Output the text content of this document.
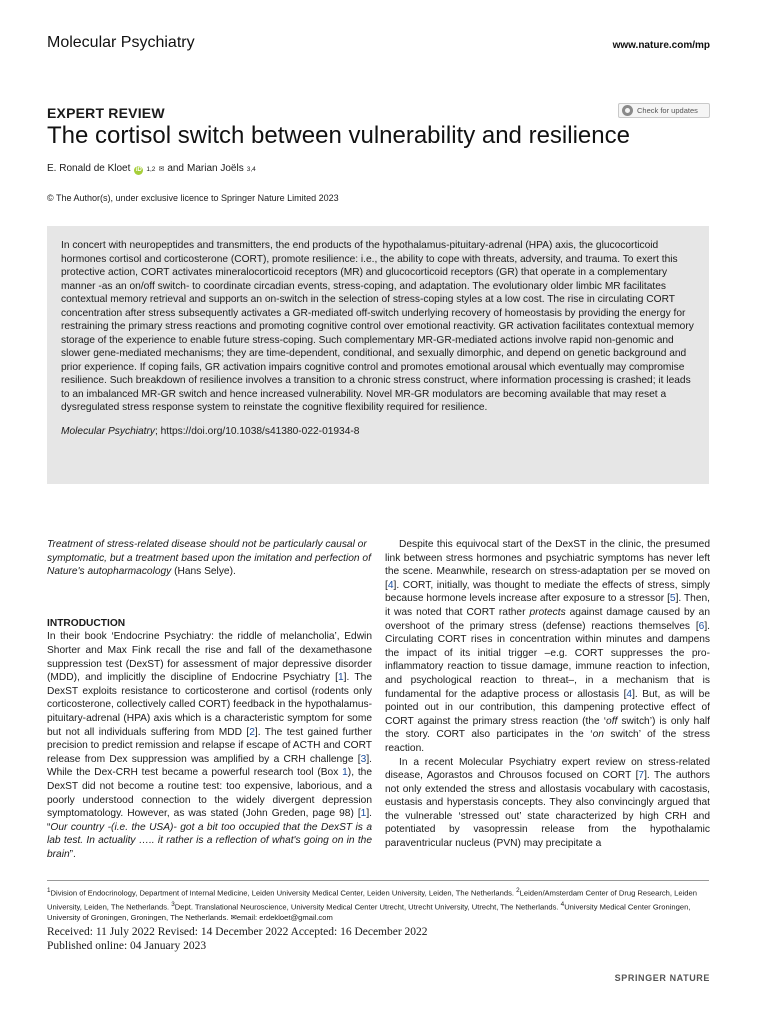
Molecular Psychiatry	www.nature.com/mp
EXPERT REVIEW	Check for updates
The cortisol switch between vulnerability and resilience
E. Ronald de Kloet iD 1,2 ✉ and Marian Joëls 3,4
© The Author(s), under exclusive licence to Springer Nature Limited 2023

In concert with neuropeptides and transmitters, the end products of the hypothalamus-pituitary-adrenal (HPA) axis, the glucocorticoid hormones cortisol and corticosterone (CORT), promote resilience: i.e., the ability to cope with threats, adversity, and trauma. To exert this protective action, CORT activates mineralocorticoid receptors (MR) and glucocorticoid receptors (GR) that operate in a complementary manner -as an on/off switch- to coordinate circadian events, stress-coping, and adaptation. The evolutionary older limbic MR facilitates contextual memory retrieval and supports an on-switch in the selection of stress-coping styles at a low cost. The rise in circulating CORT concentration after stress subsequently activates a GR-mediated off-switch underlying recovery of homeostasis by providing the energy for restraining the primary stress reactions and promoting cognitive control over emotional reactivity. GR activation facilitates contextual memory storage of the experience to enable future stress-coping. Such complementary MR-GR-mediated actions involve rapid non-genomic and slower gene-mediated mechanisms; they are time-dependent, conditional, and sexually dimorphic, and depend on genetic background and prior experience. If coping fails, GR activation impairs cognitive control and promotes emotional arousal which eventually may compromise resilience. Such breakdown of resilience involves a transition to a chronic stress construct, where information processing is crashed; it leads to an imbalanced MR-GR switch and hence increased vulnerability. Novel MR-GR modulators are becoming available that may reset a dysregulated stress response system to reinstate the cognitive flexibility required for resilience.

Molecular Psychiatry; https://doi.org/10.1038/s41380-022-01934-8

Treatment of stress-related disease should not be particularly causal or symptomatic, but a treatment based upon the imitation and perfection of Nature's autopharmacology (Hans Selye).

INTRODUCTION

In their book ‘Endocrine Psychiatry: the riddle of melancholia’, Edwin Shorter and Max Fink recall the rise and fall of the dexamethasone suppression test (DexST) for assessment of major depressive disorder (MDD), and implicitly the discipline of Endocrine Psychiatry [1]. The DexST exploits resistance to corticosterone and cortisol (rodents only corticosterone, collectively called CORT) feedback in the hypothalamus-pituitary-adrenal (HPA) axis which is a characteristic symptom for some but not all individuals suffering from MDD [2]. The test gained further precision to predict remission and relapse if escape of ACTH and CORT release from Dex suppression was amplified by a CRH challenge [3]. While the Dex-CRH test became a powerful research tool (Box 1), the DexST did not become a routine test: too expensive, laborious, and a poorly understood connection to the widely divergent depression symptomatology. However, as was stated (John Greden, page 98) [1]. “Our country -(i.e. the USA)- got a bit too occupied that the DexST is a lab test. In actuality ….. it rather is a reflection of what's going on in the brain”.

Despite this equivocal start of the DexST in the clinic, the presumed link between stress hormones and psychiatric symptoms has never left the scene. Meanwhile, research on stress-adaptation per se moved on [4]. CORT, initially, was thought to mediate the effects of stress, simply because hormone levels increase after exposure to a stressor [5]. Then, it was noted that CORT rather protects against damage caused by an overshoot of the primary stress (defense) reactions themselves [6]. Circulating CORT rises in concentration within minutes and dampens the impact of its initial trigger –e.g. CORT suppresses the pro-inflammatory reaction to tissue damage, immune reaction to infection, and psychological reaction to threat–, in a mechanism that is fundamental for the adaptive process or allostasis [4]. But, as will be pointed out in our contribution, this dampening protective effect of CORT against the primary stress reaction (the ‘off switch’) is only half the story. CORT also participates in the ‘on switch’ of the stress reaction.

In a recent Molecular Psychiatry expert review on stress-related disease, Agorastos and Chrousos focused on CORT [7]. The authors not only extended the stress and allostasis vocabulary with cacostasis, eustasis and hyperstasis concepts. They also convincingly argued that the vulnerable ‘stressed out’ state characterized by high CRH and potentiated by vasopressin release from the hypothalamic paraventricular nucleus (PVN) may precipitate a

$^1$Division of Endocrinology, Department of Internal Medicine, Leiden University Medical Center, Leiden University, Leiden, The Netherlands. $^2$Leiden/Amsterdam Center of Drug Research, Leiden University, Leiden, The Netherlands. $^3$Dept. Translational Neuroscience, University Medical Center Utrecht, Utrecht University, Utrecht, The Netherlands. $^4$University Medical Center Groningen, University of Groningen, Groningen, The Netherlands. ✉email: erdekloet@gmail.com
Received: 11 July 2022 Revised: 14 December 2022 Accepted: 16 December 2022
Published online: 04 January 2023
SPRINGER NATURE
